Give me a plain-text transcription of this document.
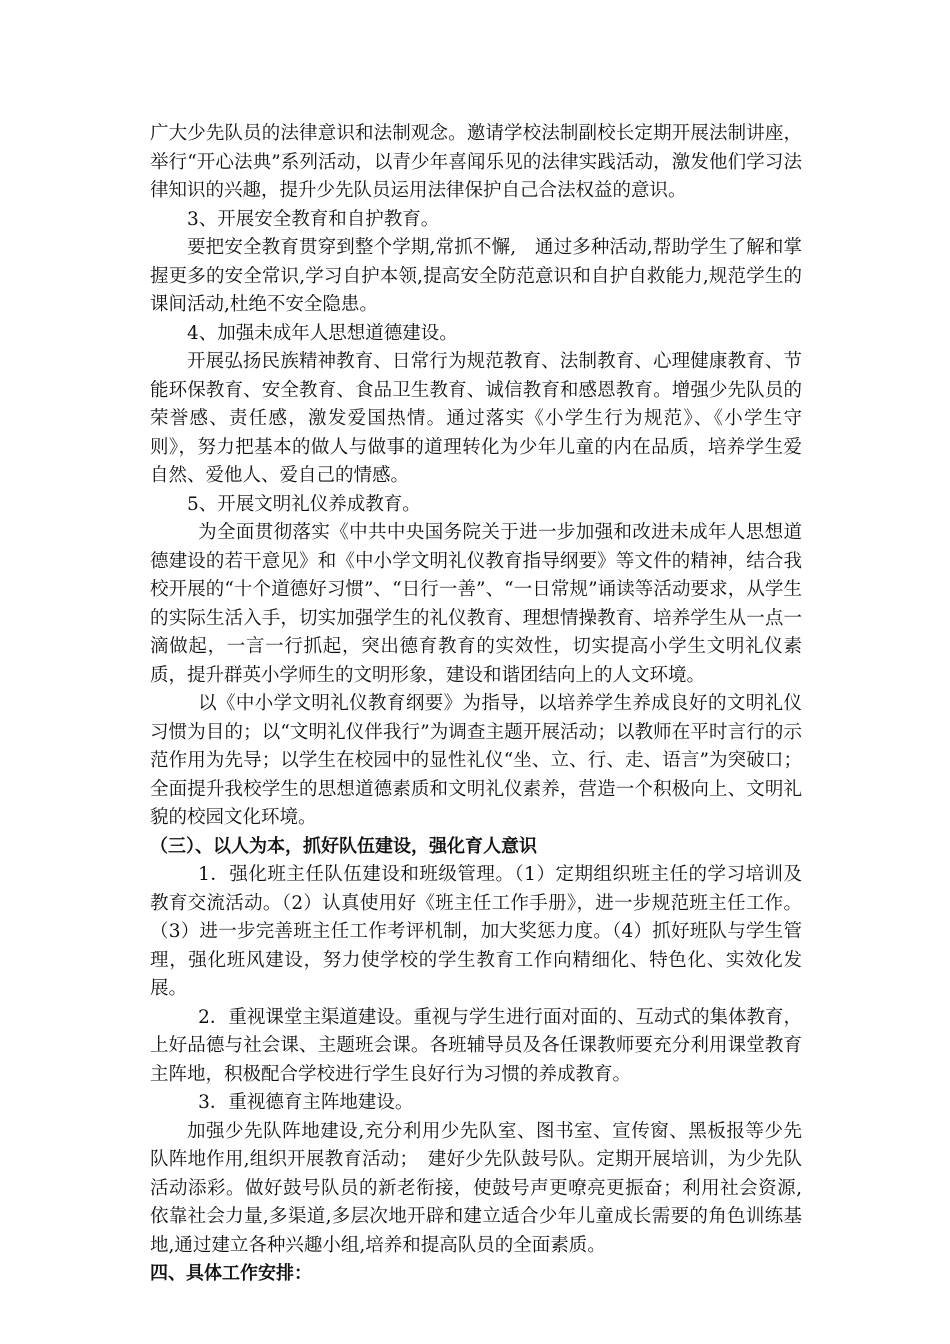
广大少先队员的法律意识和法制观念。邀请学校法制副校长定期开展法制讲座，举行“开心法典”系列活动，以青少年喜闻乐见的法律实践活动，激发他们学习法律知识的兴趣，提升少先队员运用法律保护自己合法权益的意识。

3、开展安全教育和自护教育。

要把安全教育贯穿到整个学期,常抓不懈,　通过多种活动,帮助学生了解和掌握更多的安全常识,学习自护本领,提高安全防范意识和自护自救能力,规范学生的课间活动,杜绝不安全隐患。

4、加强未成年人思想道德建设。

开展弘扬民族精神教育、日常行为规范教育、法制教育、心理健康教育、节能环保教育、安全教育、食品卫生教育、诚信教育和感恩教育。增强少先队员的荣誉感、责任感，激发爱国热情。通过落实《小学生行为规范》、《小学生守则》，努力把基本的做人与做事的道理转化为少年儿童的内在品质，培养学生爱自然、爱他人、爱自己的情感。

5、开展文明礼仪养成教育。

为全面贯彻落实《中共中央国务院关于进一步加强和改进未成年人思想道德建设的若干意见》和《中小学文明礼仪教育指导纲要》等文件的精神，结合我校开展的“十个道德好习惯”、“日行一善”、“一日常规”诵读等活动要求，从学生的实际生活入手，切实加强学生的礼仪教育、理想情操教育、培养学生从一点一滴做起，一言一行抓起，突出德育教育的实效性，切实提高小学生文明礼仪素质，提升群英小学师生的文明形象，建设和谐团结向上的人文环境。

以《中小学文明礼仪教育纲要》为指导，以培养学生养成良好的文明礼仪习惯为目的；以“文明礼仪伴我行”为调查主题开展活动；以教师在平时言行的示范作用为先导；以学生在校园中的显性礼仪“坐、立、行、走、语言”为突破口；全面提升我校学生的思想道德素质和文明礼仪素养，营造一个积极向上、文明礼貌的校园文化环境。

（三）、以人为本，抓好队伍建设，强化育人意识

1．强化班主任队伍建设和班级管理。（1）定期组织班主任的学习培训及教育交流活动。（2）认真使用好《班主任工作手册》，进一步规范班主任工作。（3）进一步完善班主任工作考评机制，加大奖惩力度。（4）抓好班队与学生管理，强化班风建设，努力使学校的学生教育工作向精细化、特色化、实效化发展。

2．重视课堂主渠道建设。重视与学生进行面对面的、互动式的集体教育，上好品德与社会课、主题班会课。各班辅导员及各任课教师要充分利用课堂教育主阵地，积极配合学校进行学生良好行为习惯的养成教育。

3．重视德育主阵地建设。

加强少先队阵地建设,充分利用少先队室、图书室、宣传窗、黑板报等少先队阵地作用,组织开展教育活动；　建好少先队鼓号队。定期开展培训，为少先队活动添彩。做好鼓号队员的新老衔接，使鼓号声更嘹亮更振奋；利用社会资源,依靠社会力量,多渠道,多层次地开辟和建立适合少年儿童成长需要的角色训练基地,通过建立各种兴趣小组,培养和提高队员的全面素质。

四、具体工作安排：
